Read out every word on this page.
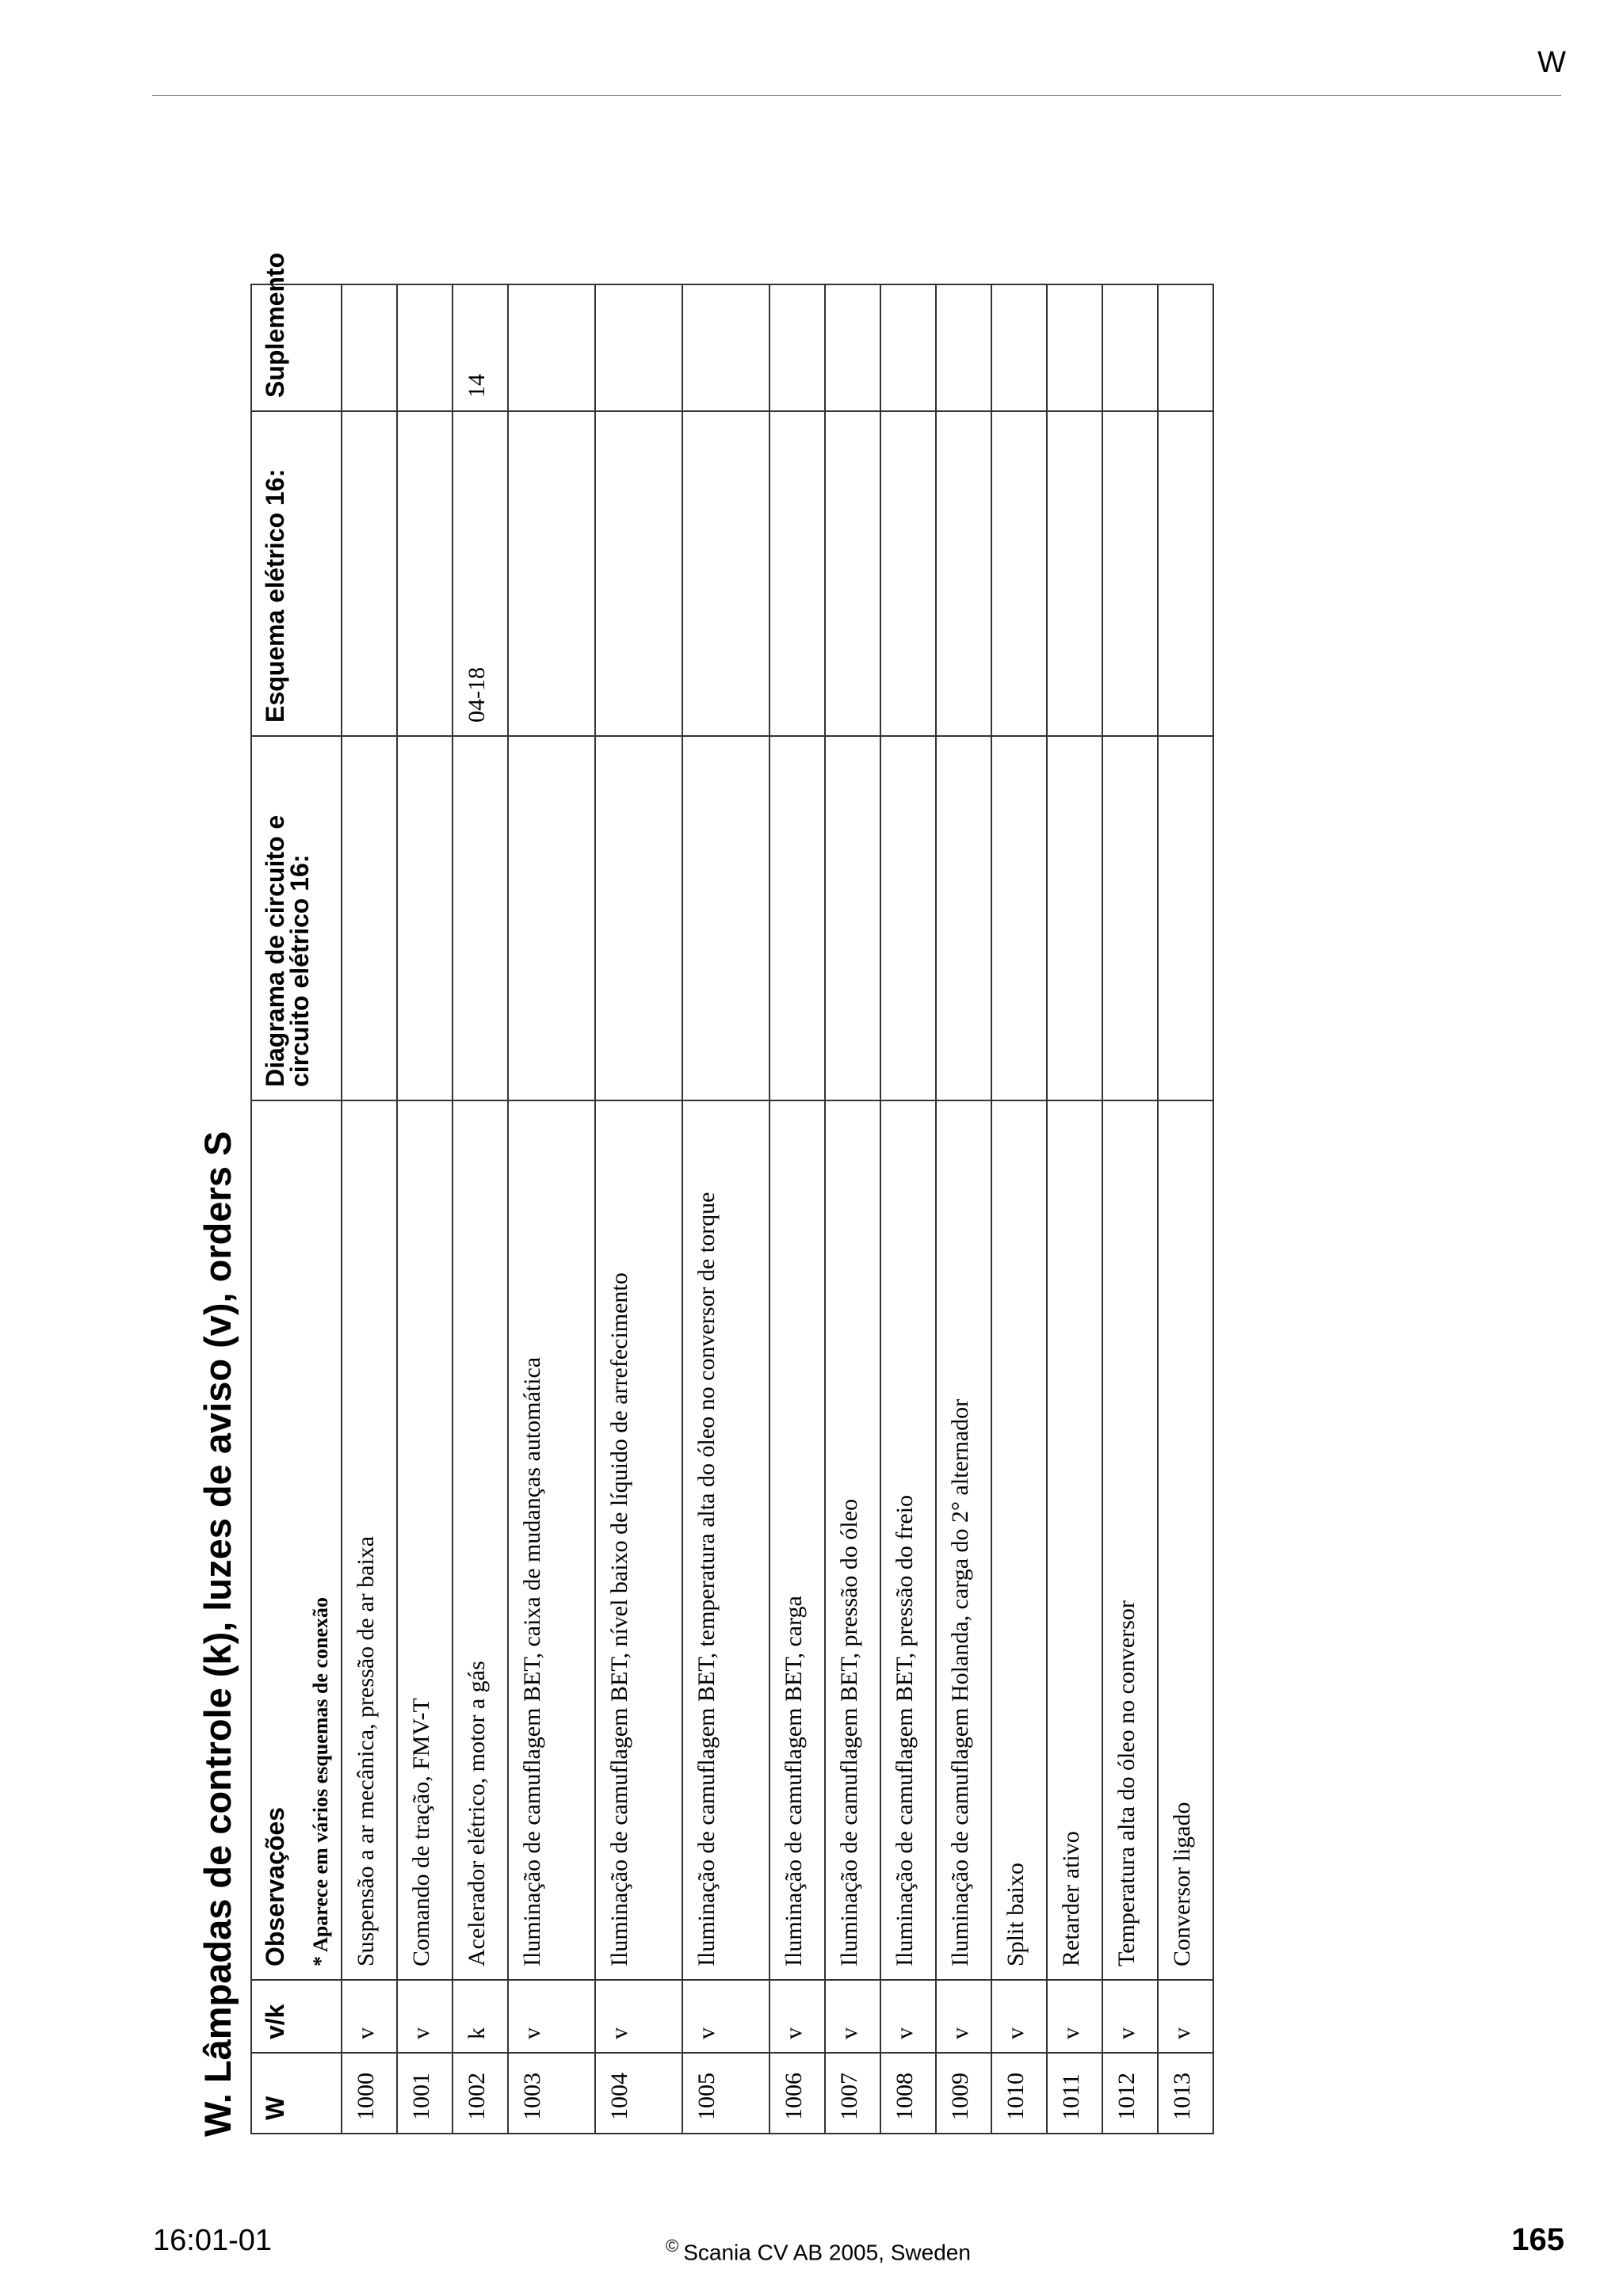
W
W. Lâmpadas de controle (k), luzes de aviso (v), orders S W	v/k	Observações * Aparece em vários esquemas de conexão	Diagrama de circuito e circuito elétrico 16:	Esquema elétrico 16:	Suplemento
1000	v	Suspensão a ar mecânica, pressão de ar baixa			
1001	v	Comando de tração, FMV-T			
1002	k	Acelerador elétrico, motor a gás		04-18	14
1003	v	Iluminação de camuflagem BET, caixa de mudanças automática			
1004	v	Iluminação de camuflagem BET, nível baixo de líquido de arrefecimento			
1005	v	Iluminação de camuflagem BET, temperatura alta do óleo no conversor de torque			
1006	v	Iluminação de camuflagem BET, carga			
1007	v	Iluminação de camuflagem BET, pressão do óleo			
1008	v	Iluminação de camuflagem BET, pressão do freio			
1009	v	Iluminação de camuflagem Holanda, carga do 2° alternador			
1010	v	Split baixo			
1011	v	Retarder ativo			
1012	v	Temperatura alta do óleo no conversor			
1013	v	Conversor ligado			
16:01-01	© Scania CV AB 2005, Sweden	165
